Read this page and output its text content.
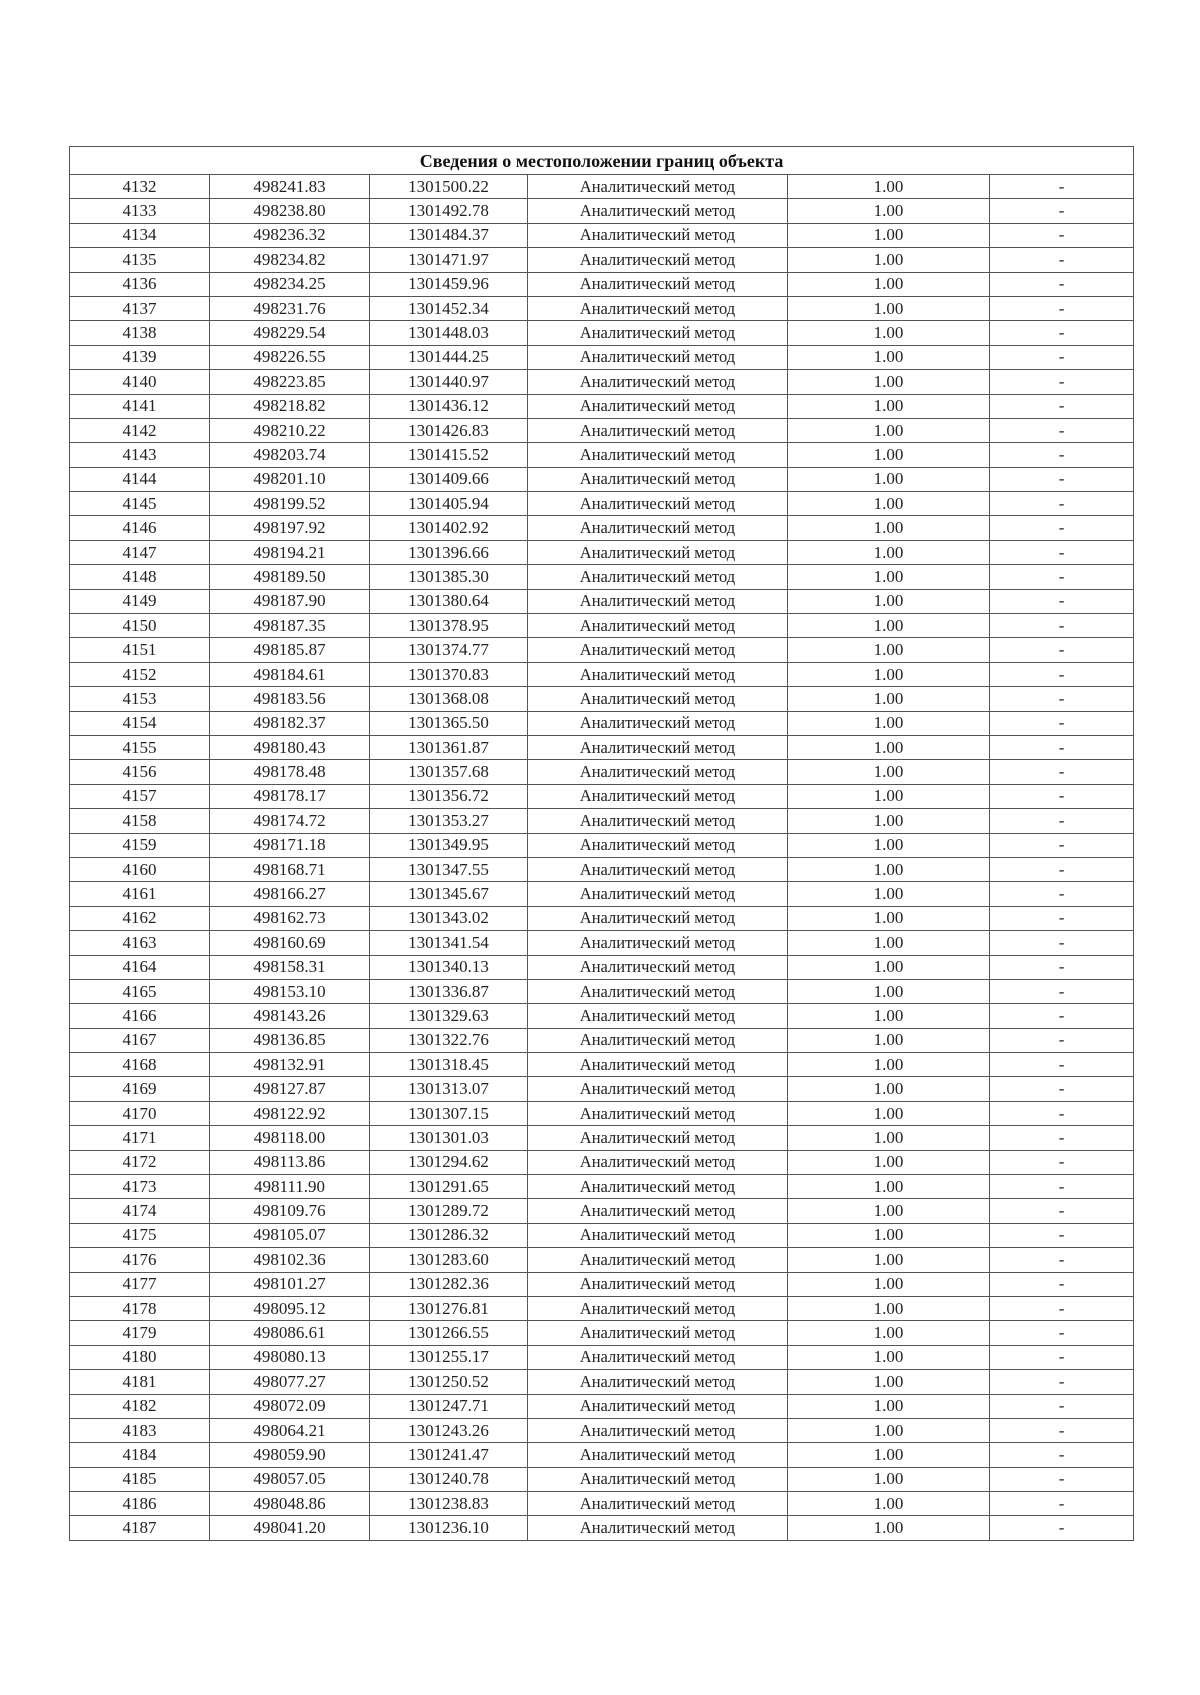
Сведения о местоположении границ объекта					
4132	498241.83	1301500.22	Аналитический метод	1.00	-
4133	498238.80	1301492.78	Аналитический метод	1.00	-
4134	498236.32	1301484.37	Аналитический метод	1.00	-
4135	498234.82	1301471.97	Аналитический метод	1.00	-
4136	498234.25	1301459.96	Аналитический метод	1.00	-
4137	498231.76	1301452.34	Аналитический метод	1.00	-
4138	498229.54	1301448.03	Аналитический метод	1.00	-
4139	498226.55	1301444.25	Аналитический метод	1.00	-
4140	498223.85	1301440.97	Аналитический метод	1.00	-
4141	498218.82	1301436.12	Аналитический метод	1.00	-
4142	498210.22	1301426.83	Аналитический метод	1.00	-
4143	498203.74	1301415.52	Аналитический метод	1.00	-
4144	498201.10	1301409.66	Аналитический метод	1.00	-
4145	498199.52	1301405.94	Аналитический метод	1.00	-
4146	498197.92	1301402.92	Аналитический метод	1.00	-
4147	498194.21	1301396.66	Аналитический метод	1.00	-
4148	498189.50	1301385.30	Аналитический метод	1.00	-
4149	498187.90	1301380.64	Аналитический метод	1.00	-
4150	498187.35	1301378.95	Аналитический метод	1.00	-
4151	498185.87	1301374.77	Аналитический метод	1.00	-
4152	498184.61	1301370.83	Аналитический метод	1.00	-
4153	498183.56	1301368.08	Аналитический метод	1.00	-
4154	498182.37	1301365.50	Аналитический метод	1.00	-
4155	498180.43	1301361.87	Аналитический метод	1.00	-
4156	498178.48	1301357.68	Аналитический метод	1.00	-
4157	498178.17	1301356.72	Аналитический метод	1.00	-
4158	498174.72	1301353.27	Аналитический метод	1.00	-
4159	498171.18	1301349.95	Аналитический метод	1.00	-
4160	498168.71	1301347.55	Аналитический метод	1.00	-
4161	498166.27	1301345.67	Аналитический метод	1.00	-
4162	498162.73	1301343.02	Аналитический метод	1.00	-
4163	498160.69	1301341.54	Аналитический метод	1.00	-
4164	498158.31	1301340.13	Аналитический метод	1.00	-
4165	498153.10	1301336.87	Аналитический метод	1.00	-
4166	498143.26	1301329.63	Аналитический метод	1.00	-
4167	498136.85	1301322.76	Аналитический метод	1.00	-
4168	498132.91	1301318.45	Аналитический метод	1.00	-
4169	498127.87	1301313.07	Аналитический метод	1.00	-
4170	498122.92	1301307.15	Аналитический метод	1.00	-
4171	498118.00	1301301.03	Аналитический метод	1.00	-
4172	498113.86	1301294.62	Аналитический метод	1.00	-
4173	498111.90	1301291.65	Аналитический метод	1.00	-
4174	498109.76	1301289.72	Аналитический метод	1.00	-
4175	498105.07	1301286.32	Аналитический метод	1.00	-
4176	498102.36	1301283.60	Аналитический метод	1.00	-
4177	498101.27	1301282.36	Аналитический метод	1.00	-
4178	498095.12	1301276.81	Аналитический метод	1.00	-
4179	498086.61	1301266.55	Аналитический метод	1.00	-
4180	498080.13	1301255.17	Аналитический метод	1.00	-
4181	498077.27	1301250.52	Аналитический метод	1.00	-
4182	498072.09	1301247.71	Аналитический метод	1.00	-
4183	498064.21	1301243.26	Аналитический метод	1.00	-
4184	498059.90	1301241.47	Аналитический метод	1.00	-
4185	498057.05	1301240.78	Аналитический метод	1.00	-
4186	498048.86	1301238.83	Аналитический метод	1.00	-
4187	498041.20	1301236.10	Аналитический метод	1.00	-
